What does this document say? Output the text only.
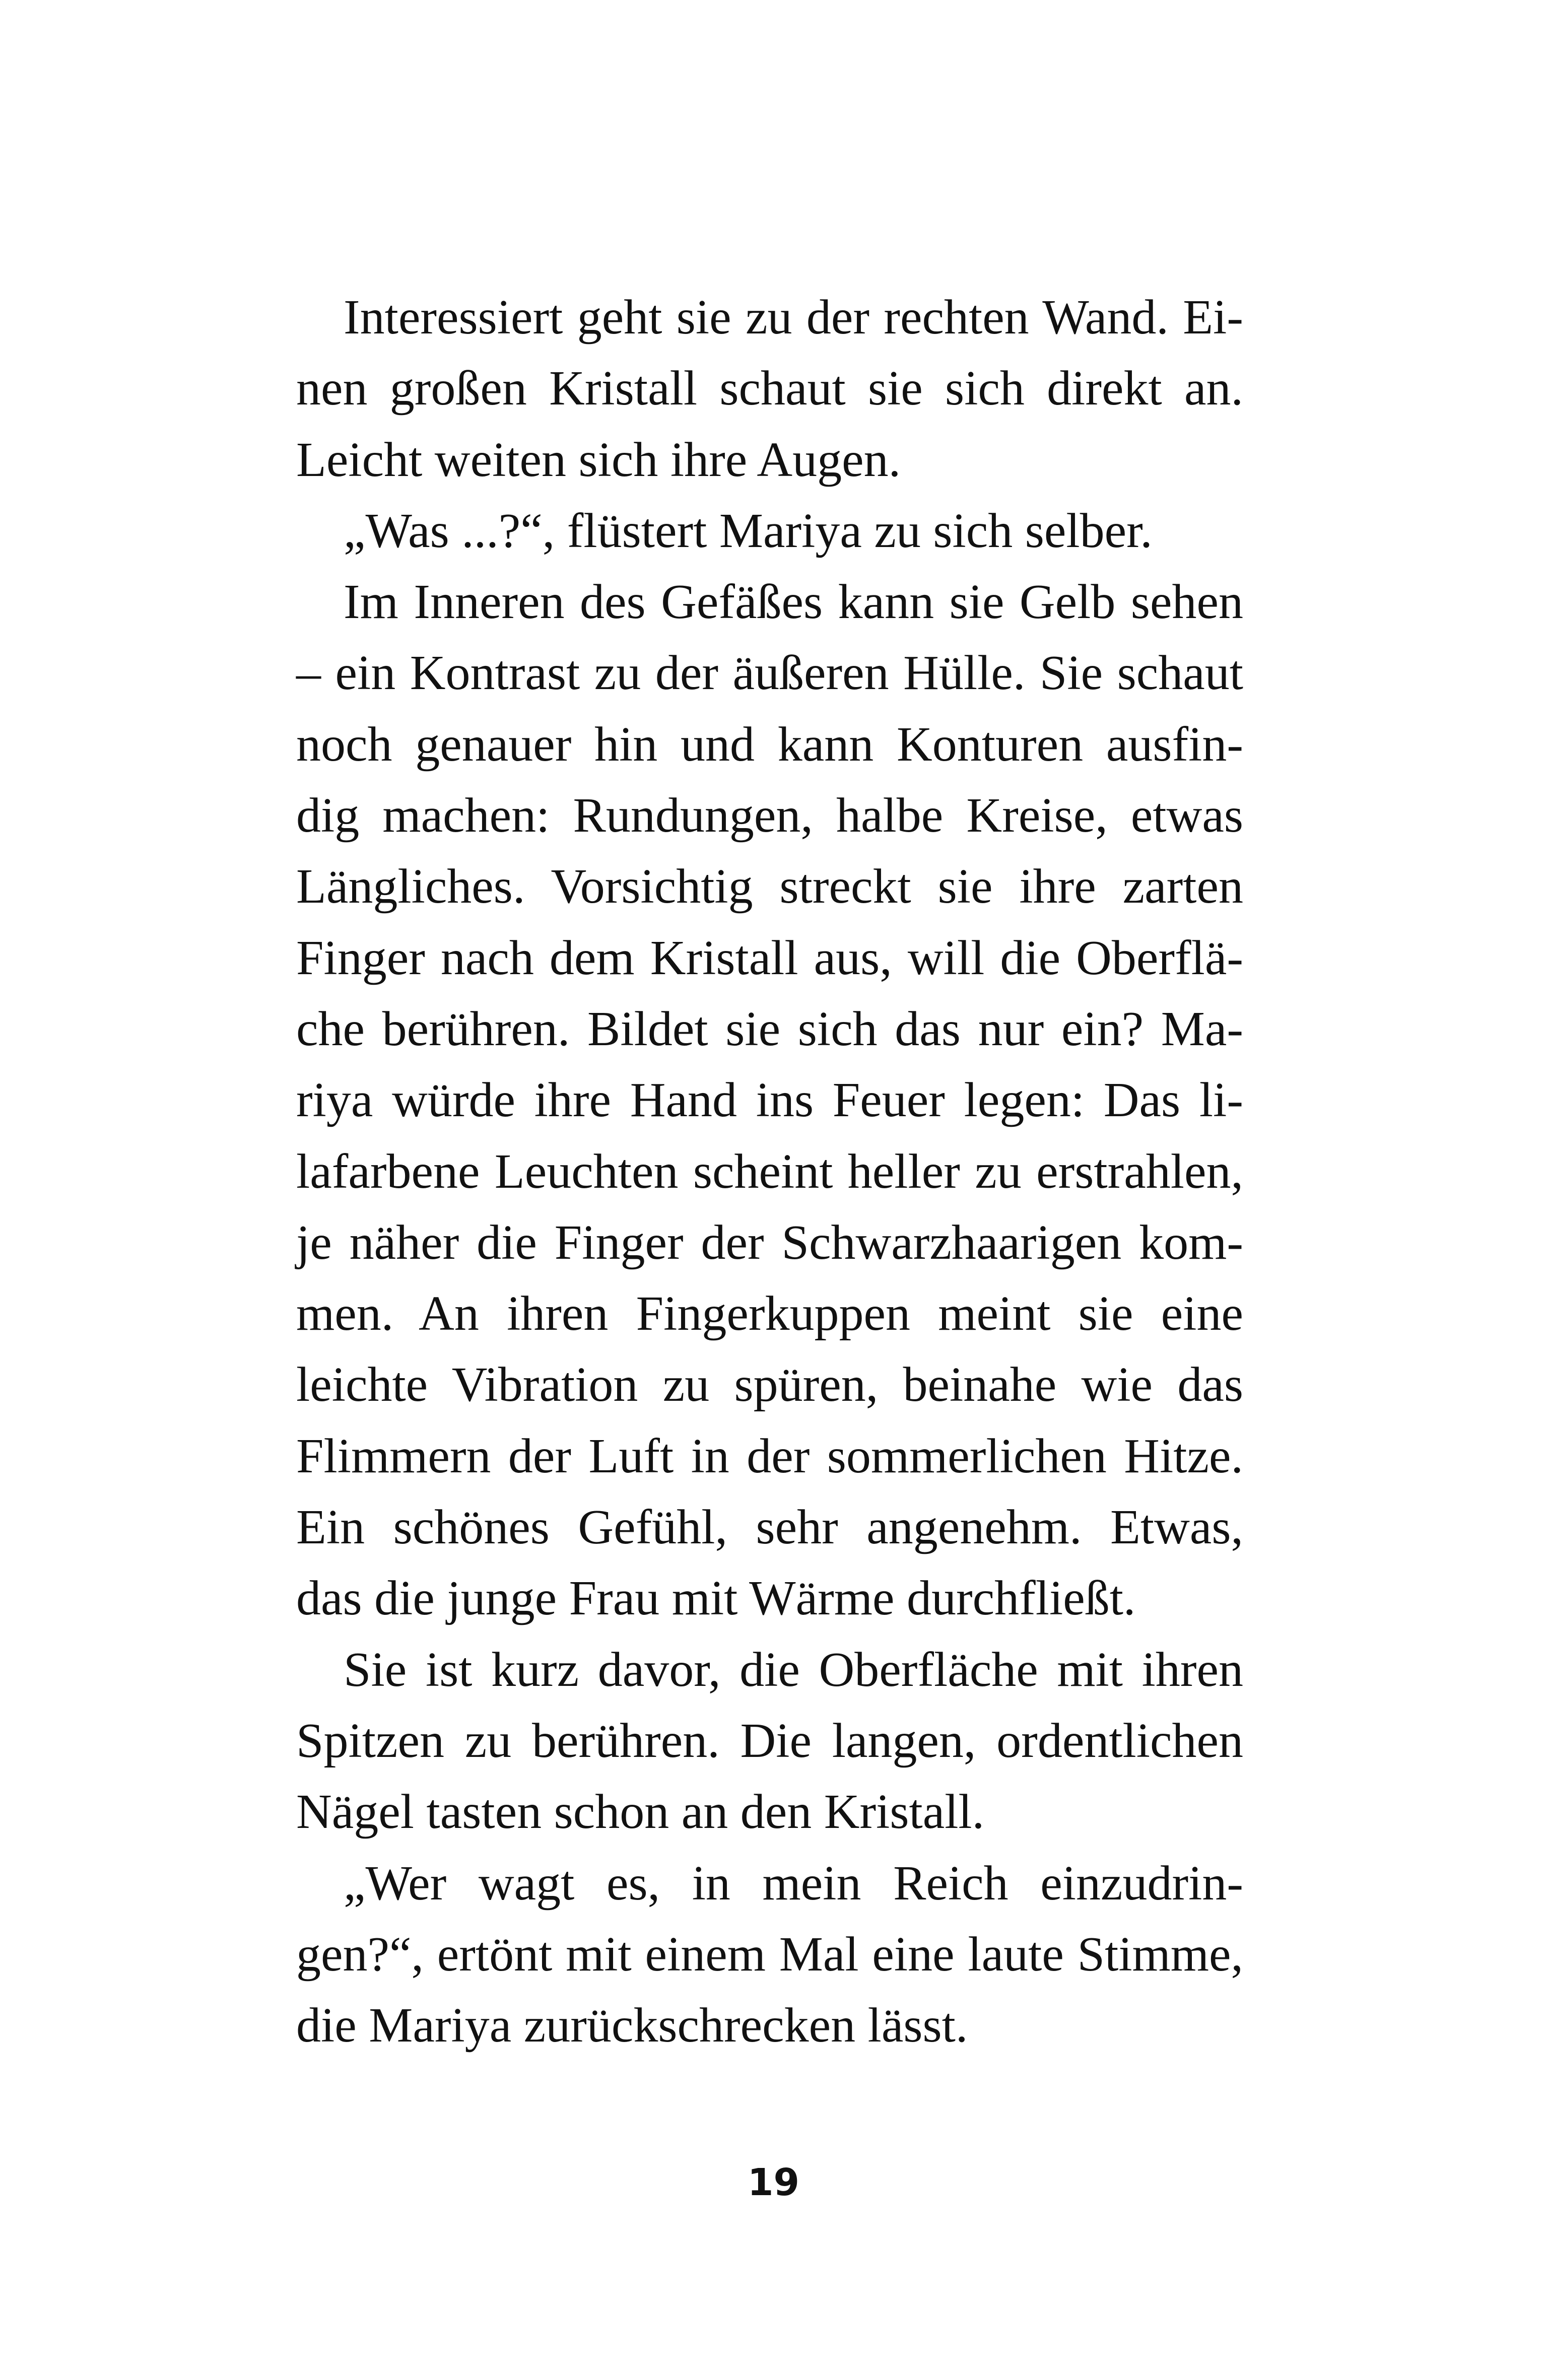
Interessiert geht sie zu der rechten Wand. Ei-
nen großen Kristall schaut sie sich direkt an.
Leicht weiten sich ihre Augen.
„Was ...?“, flüstert Mariya zu sich selber.
Im Inneren des Gefäßes kann sie Gelb sehen
– ein Kontrast zu der äußeren Hülle. Sie schaut
noch genauer hin und kann Konturen ausfin-
dig machen: Rundungen, halbe Kreise, etwas
Längliches. Vorsichtig streckt sie ihre zarten
Finger nach dem Kristall aus, will die Oberflä-
che berühren. Bildet sie sich das nur ein? Ma-
riya würde ihre Hand ins Feuer legen: Das li-
lafarbene Leuchten scheint heller zu erstrahlen,
je näher die Finger der Schwarzhaarigen kom-
men. An ihren Fingerkuppen meint sie eine
leichte Vibration zu spüren, beinahe wie das
Flimmern der Luft in der sommerlichen Hitze.
Ein schönes Gefühl, sehr angenehm. Etwas,
das die junge Frau mit Wärme durchfließt.
Sie ist kurz davor, die Oberfläche mit ihren
Spitzen zu berühren. Die langen, ordentlichen
Nägel tasten schon an den Kristall.
„Wer wagt es, in mein Reich einzudrin-
gen?“, ertönt mit einem Mal eine laute Stimme,
die Mariya zurückschrecken lässt.
19
